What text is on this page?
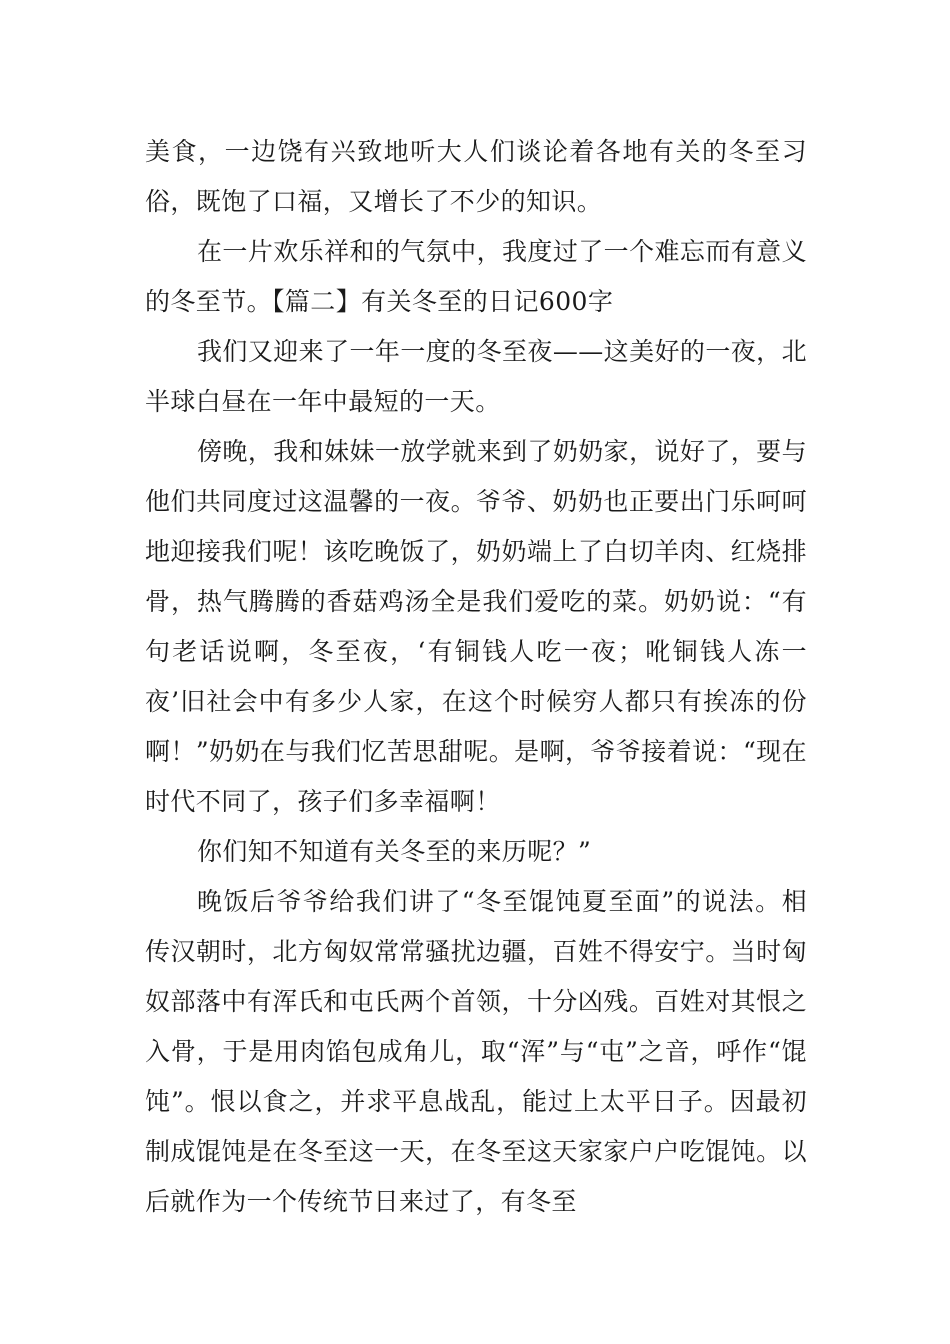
美食，一边饶有兴致地听大人们谈论着各地有关的冬至习俗，既饱了口福，又增长了不少的知识。

在一片欢乐祥和的气氛中，我度过了一个难忘而有意义的冬至节。【篇二】有关冬至的日记600字

我们又迎来了一年一度的冬至夜——这美好的一夜，北半球白昼在一年中最短的一天。

傍晚，我和妹妹一放学就来到了奶奶家，说好了，要与他们共同度过这温馨的一夜。爷爷、奶奶也正要出门乐呵呵地迎接我们呢！该吃晚饭了，奶奶端上了白切羊肉、红烧排骨，热气腾腾的香菇鸡汤全是我们爱吃的菜。奶奶说：“有句老话说啊，冬至夜，‘有铜钱人吃一夜；吪铜钱人冻一夜’旧社会中有多少人家，在这个时候穷人都只有挨冻的份啊！”奶奶在与我们忆苦思甜呢。是啊，爷爷接着说：“现在时代不同了，孩子们多幸福啊！

你们知不知道有关冬至的来历呢？”

晚饭后爷爷给我们讲了“冬至馄饨夏至面”的说法。相传汉朝时，北方匈奴常常骚扰边疆，百姓不得安宁。当时匈奴部落中有浑氏和屯氏两个首领，十分凶残。百姓对其恨之入骨，于是用肉馅包成角儿，取“浑”与“屯”之音，呼作“馄饨”。恨以食之，并求平息战乱，能过上太平日子。因最初制成馄饨是在冬至这一天，在冬至这天家家户户吃馄饨。以后就作为一个传统节日来过了，有冬至
